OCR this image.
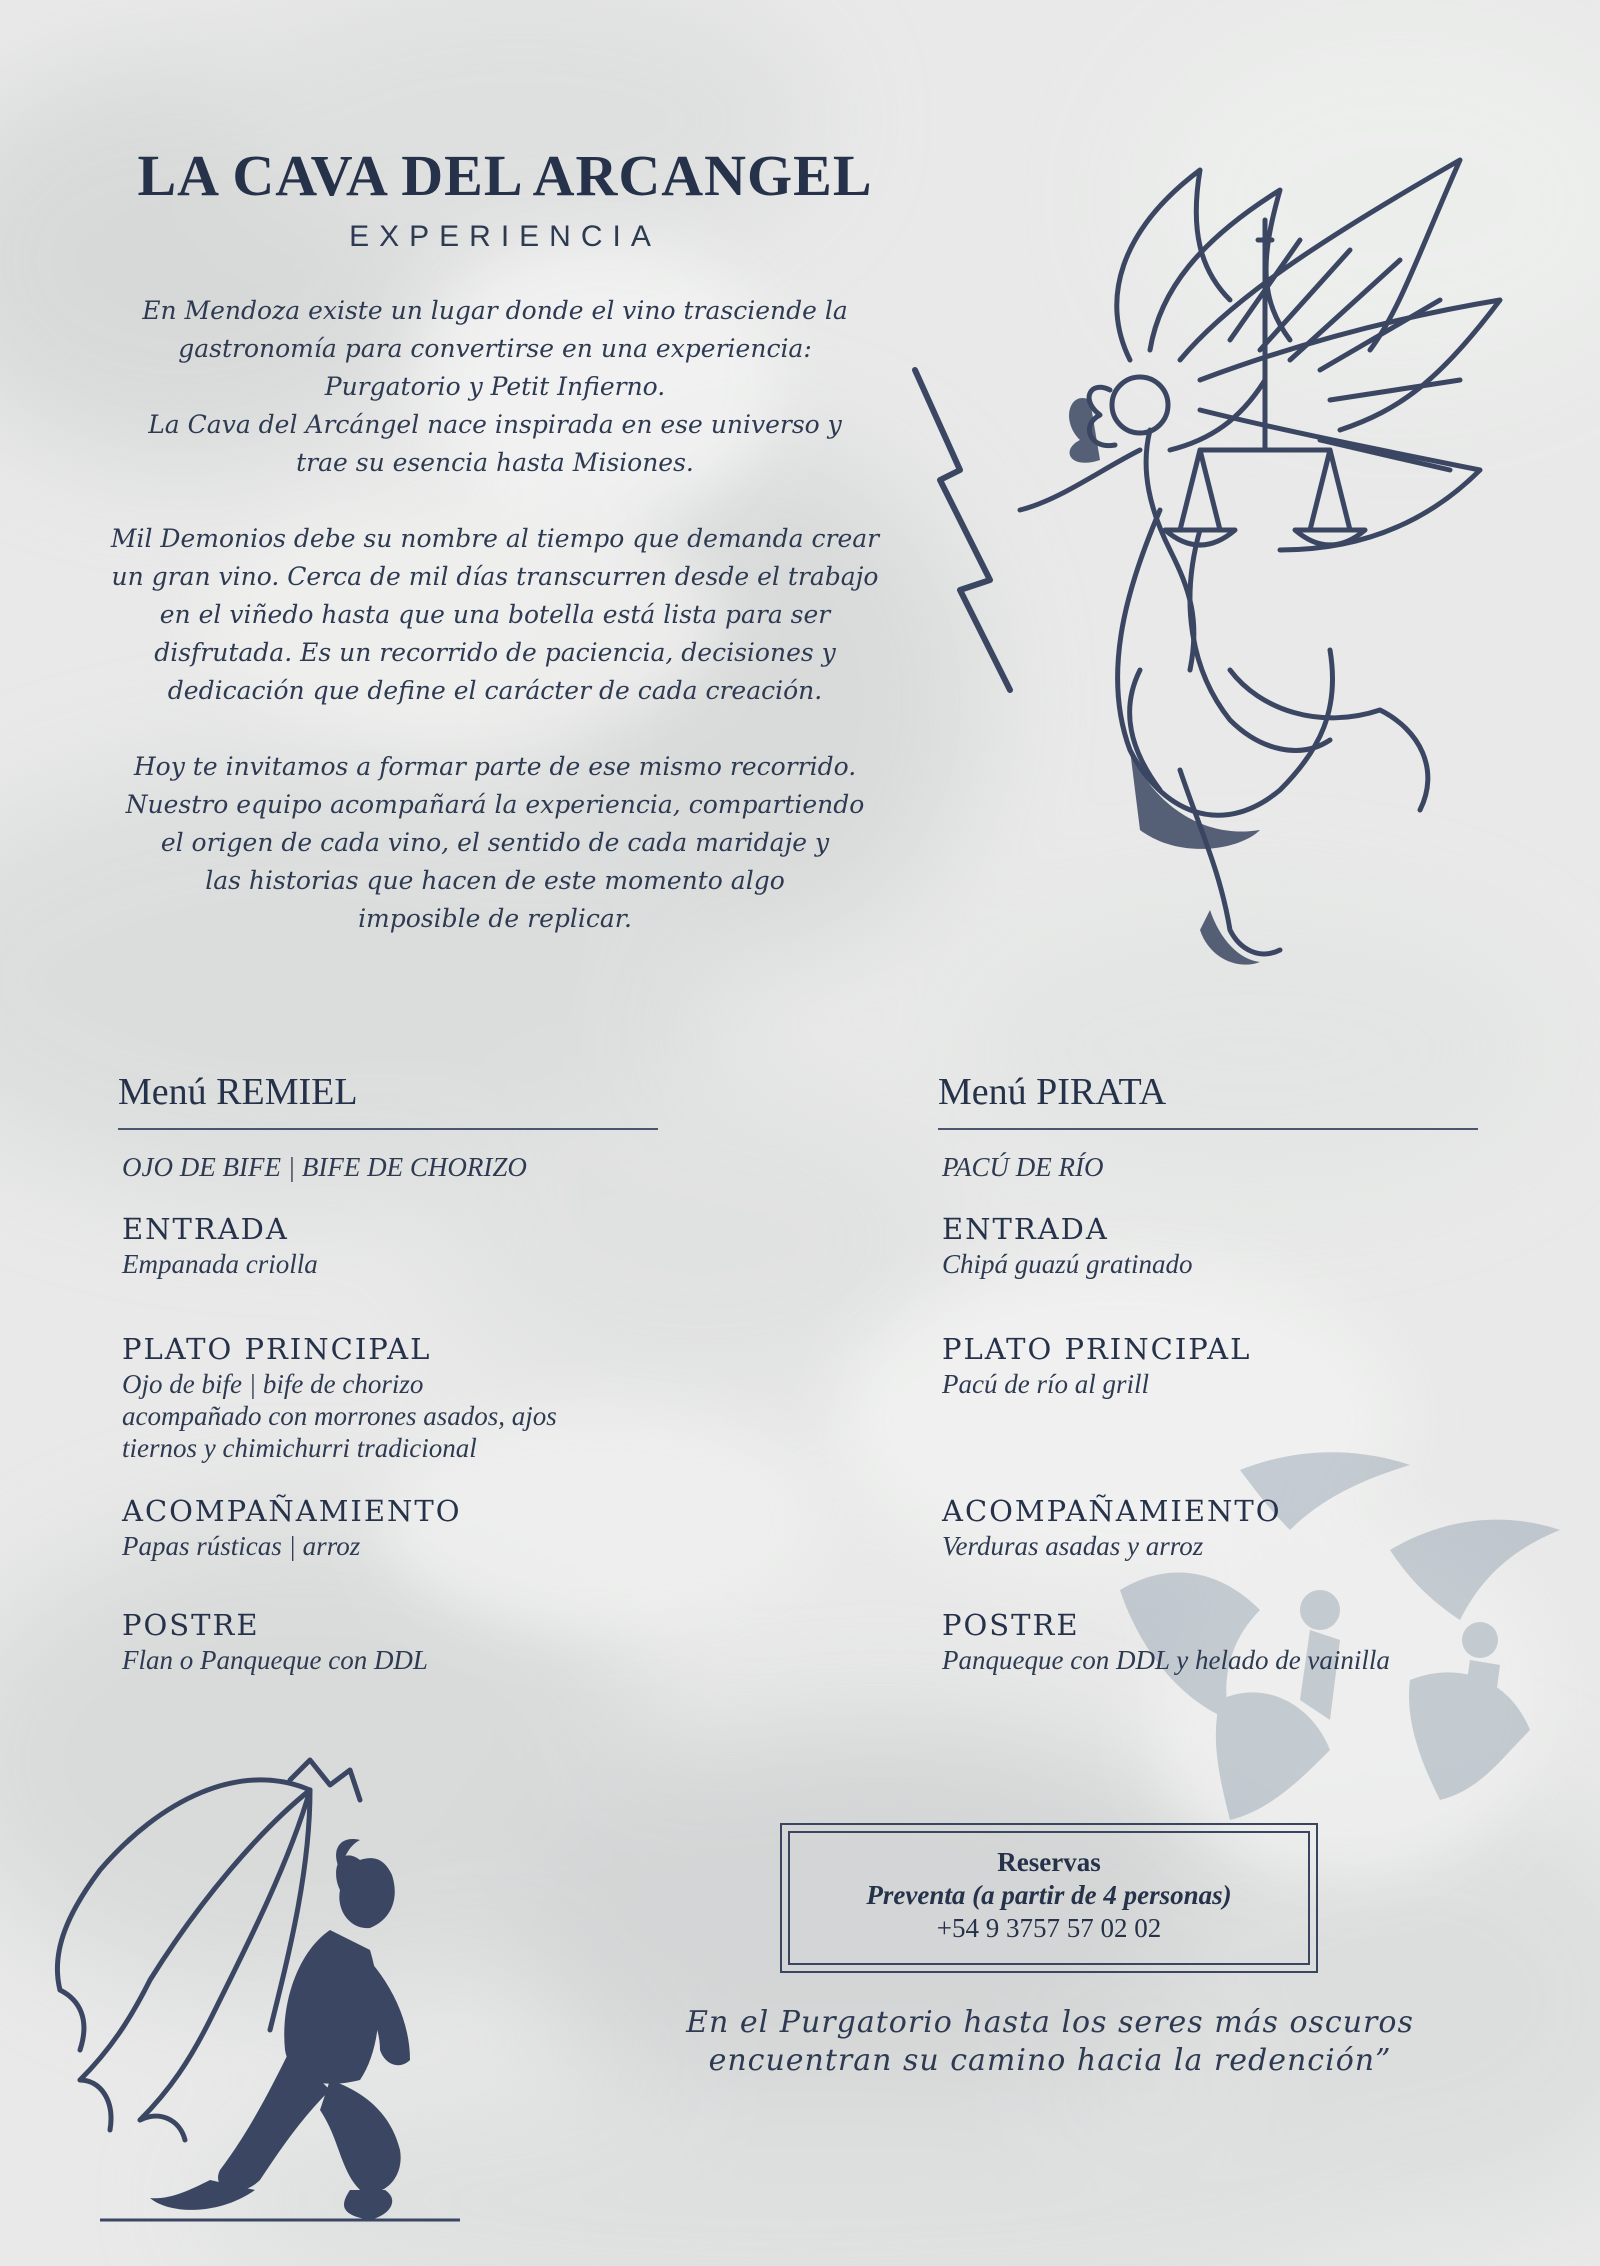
LA CAVA DEL ARCANGEL
EXPERIENCIA

En Mendoza existe un lugar donde el vino trasciende la
gastronomía para convertirse en una experiencia:
Purgatorio y Petit Infierno.
La Cava del Arcángel nace inspirada en ese universo y
trae su esencia hasta Misiones.

Mil Demonios debe su nombre al tiempo que demanda crear
un gran vino. Cerca de mil días transcurren desde el trabajo
en el viñedo hasta que una botella está lista para ser
disfrutada. Es un recorrido de paciencia, decisiones y
dedicación que define el carácter de cada creación.

Hoy te invitamos a formar parte de ese mismo recorrido.
Nuestro equipo acompañará la experiencia, compartiendo
el origen de cada vino, el sentido de cada maridaje y
las historias que hacen de este momento algo
imposible de replicar.

Menú REMIEL
OJO DE BIFE | BIFE DE CHORIZO
ENTRADA
Empanada criolla
PLATO PRINCIPAL
Ojo de bife | bife de chorizo
acompañado con morrones asados, ajos
tiernos y chimichurri tradicional
ACOMPAÑAMIENTO
Papas rústicas | arroz
POSTRE
Flan o Panqueque con DDL
Menú PIRATA
PACÚ DE RÍO
ENTRADA
Chipá guazú gratinado
PLATO PRINCIPAL
Pacú de río al grill
ACOMPAÑAMIENTO
Verduras asadas y arroz
POSTRE
Panqueque con DDL y helado de vainilla
Reservas
Preventa (a partir de 4 personas)
+54 9 3757 57 02 02
En el Purgatorio hasta los seres más oscuros
encuentran su camino hacia la redención”
